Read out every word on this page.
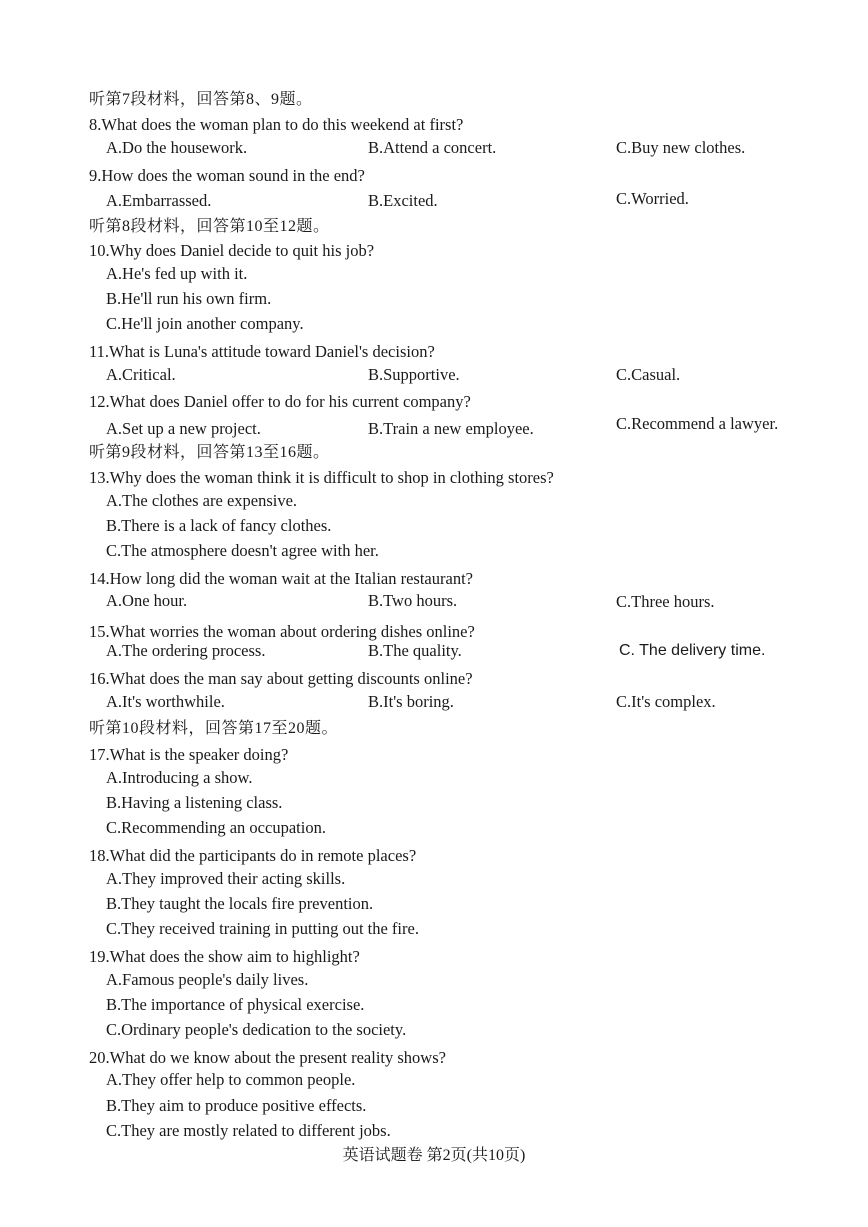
听第7段材料，回答第8、9题。
8.What does the woman plan to do this weekend at first?
A.Do the housework.	B.Attend a concert.	C.Buy new clothes.
9.How does the woman sound in the end?
A.Embarrassed.	B.Excited.	C.Worried.
听第8段材料，回答第10至12题。
10.Why does Daniel decide to quit his job?
A.He's fed up with it.
B.He'll run his own firm.
C.He'll join another company.
11.What is Luna's attitude toward Daniel's decision?
A.Critical.	B.Supportive.	C.Casual.
12.What does Daniel offer to do for his current company?
A.Set up a new project.	B.Train a new employee.	C.Recommend a lawyer.
听第9段材料，回答第13至16题。
13.Why does the woman think it is difficult to shop in clothing stores?
A.The clothes are expensive.
B.There is a lack of fancy clothes.
C.The atmosphere doesn't agree with her.
14.How long did the woman wait at the Italian restaurant?
A.One hour.	B.Two hours.	C.Three hours.
15.What worries the woman about ordering dishes online?
A.The ordering process.	B.The quality.	C. The delivery time.
16.What does the man say about getting discounts online?
A.It's worthwhile.	B.It's boring.	C.It's complex.
听第10段材料，回答第17至20题。
17.What is the speaker doing?
A.Introducing a show.
B.Having a listening class.
C.Recommending an occupation.
18.What did the participants do in remote places?
A.They improved their acting skills.
B.They taught the locals fire prevention.
C.They received training in putting out the fire.
19.What does the show aim to highlight?
A.Famous people's daily lives.
B.The importance of physical exercise.
C.Ordinary people's dedication to the society.
20.What do we know about the present reality shows?
A.They offer help to common people.
B.They aim to produce positive effects.
C.They are mostly related to different jobs.
英语试题卷 第2页(共10页)
